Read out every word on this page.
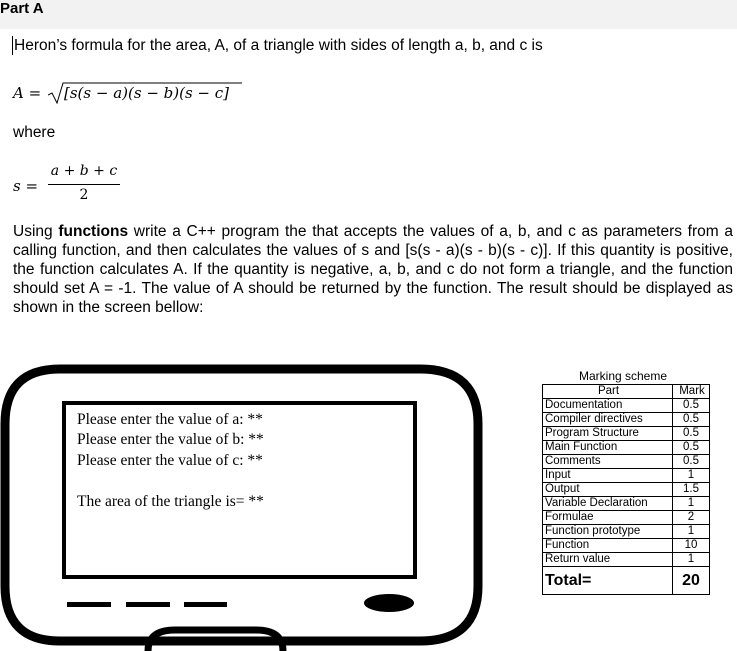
Part A
Heron’s formula for the area, A, of a triangle with sides of length a, b, and c is
A = [s(s − a)(s − b)(s − c]
where
s =
a + b + c
2
Using functions write a C++ program the that accepts the values of a, b, and c as parameters from a calling function, and then calculates the values of s and [s(s - a)(s - b)(s - c)]. If this quantity is positive, the function calculates A. If the quantity is negative, a, b, and c do not form a triangle, and the function should set A = -1. The value of A should be returned by the function. The result should be displayed as shown in the screen bellow:
Please enter the value of a: **
Please enter the value of b: **
Please enter the value of c: **
The area of the triangle is= **
Marking scheme
Part	Mark
Documentation	0.5
Compiler directives	0.5
Program Structure	0.5
Main Function	0.5
Comments	0.5
Input	1
Output	1.5
Variable Declaration	1
Formulae	2
Function prototype	1
Function	10
Return value	1
Total=	20
